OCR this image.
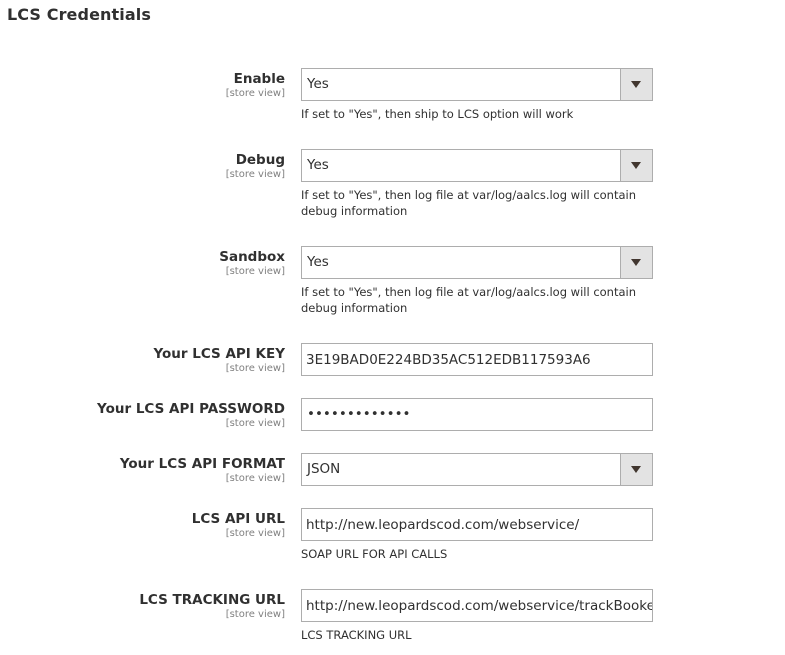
LCS Credentials
Enable
[store view]
Yes
If set to "Yes", then ship to LCS option will work
Debug
[store view]
Yes
If set to "Yes", then log file at var/log/aalcs.log will contain debug information
Sandbox
[store view]
Yes
If set to "Yes", then log file at var/log/aalcs.log will contain debug information
Your LCS API KEY
[store view]
3E19BAD0E224BD35AC512EDB117593A6
Your LCS API PASSWORD
[store view]
•••••••••••••
Your LCS API FORMAT
[store view]
JSON
LCS API URL
[store view]
http://new.leopardscod.com/webservice/
SOAP URL FOR API CALLS
LCS TRACKING URL
[store view]
http://new.leopardscod.com/webservice/trackBookedPacket/format/json/
LCS TRACKING URL
